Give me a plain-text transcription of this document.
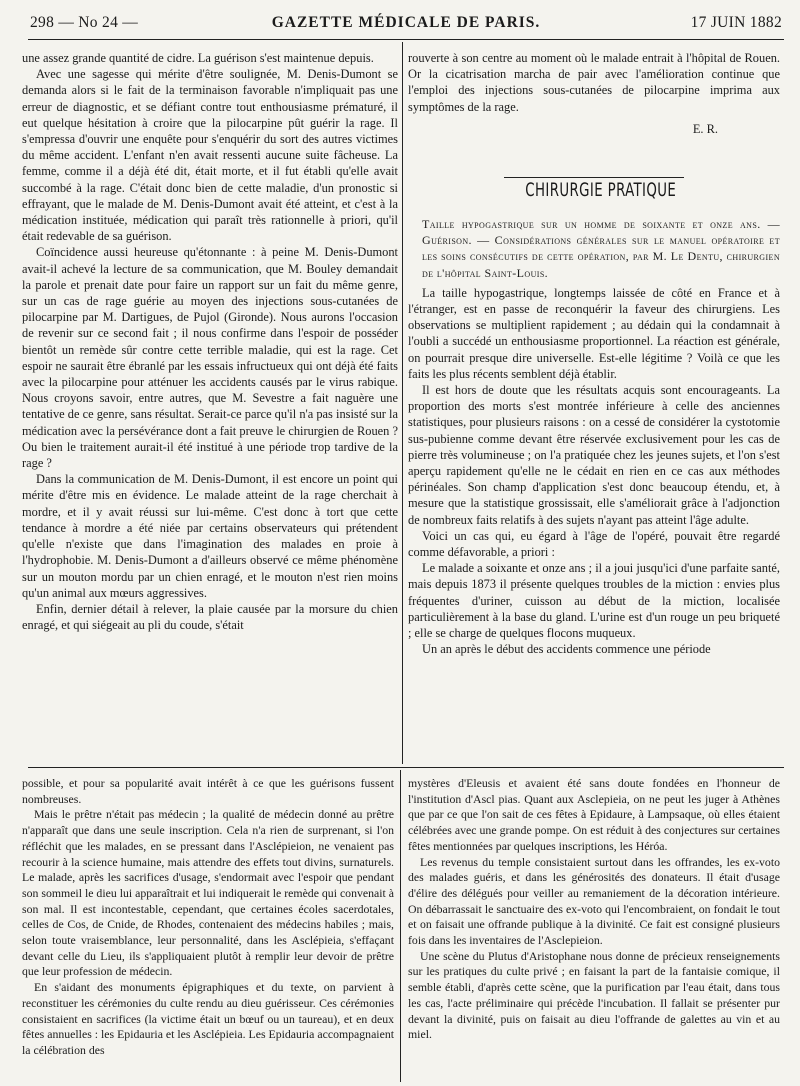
298 — No 24 —	GAZETTE MÉDICALE DE PARIS.	17 JUIN 1882

une assez grande quantité de cidre. La guérison s'est maintenue depuis.

Avec une sagesse qui mérite d'être soulignée, M. Denis-Dumont se demanda alors si le fait de la terminaison favorable n'impliquait pas une erreur de diagnostic, et se défiant contre tout enthousiasme prématuré, il eut quelque hésitation à croire que la pilocarpine pût guérir la rage. Il s'empressa d'ouvrir une enquête pour s'enquérir du sort des autres victimes du même accident. L'enfant n'en avait ressenti aucune suite fâcheuse. La femme, comme il a déjà été dit, était morte, et il fut établi qu'elle avait succombé à la rage. C'était donc bien de cette maladie, d'un pronostic si effrayant, que le malade de M. Denis-Dumont avait été atteint, et c'est à la médication instituée, médication qui paraît très rationnelle à priori, qu'il était redevable de sa guérison.

Coïncidence aussi heureuse qu'étonnante : à peine M. Denis-Dumont avait-il achevé la lecture de sa communication, que M. Bouley demandait la parole et prenait date pour faire un rapport sur un fait du même genre, sur un cas de rage guérie au moyen des injections sous-cutanées de pilocarpine par M. Dartigues, de Pujol (Gironde). Nous aurons l'occasion de revenir sur ce second fait ; il nous confirme dans l'espoir de posséder bientôt un remède sûr contre cette terrible maladie, qui est la rage. Cet espoir ne saurait être ébranlé par les essais infructueux qui ont déjà été faits avec la pilocarpine pour atténuer les accidents causés par le virus rabique. Nous croyons savoir, entre autres, que M. Sevestre a fait naguère une tentative de ce genre, sans résultat. Serait-ce parce qu'il n'a pas insisté sur la médication avec la persévérance dont a fait preuve le chirurgien de Rouen ? Ou bien le traitement aurait-il été institué à une période trop tardive de la rage ?

Dans la communication de M. Denis-Dumont, il est encore un point qui mérite d'être mis en évidence. Le malade atteint de la rage cherchait à mordre, et il y avait réussi sur lui-même. C'est donc à tort que cette tendance à mordre a été niée par certains observateurs qui prétendent qu'elle n'existe que dans l'imagination des malades en proie à l'hydrophobie. M. Denis-Dumont a d'ailleurs observé ce même phénomène sur un mouton mordu par un chien enragé, et le mouton n'est rien moins qu'un animal aux mœurs aggressives.

Enfin, dernier détail à relever, la plaie causée par la morsure du chien enragé, et qui siégeait au pli du coude, s'était

rouverte à son centre au moment où le malade entrait à l'hôpital de Rouen. Or la cicatrisation marcha de pair avec l'amélioration continue que l'emploi des injections sous-cutanées de pilocarpine imprima aux symptômes de la rage.

E. R.

CHIRURGIE PRATIQUE

Taille hypogastrique sur un homme de soixante et onze ans. — Guérison. — Considérations générales sur le manuel opératoire et les soins consécutifs de cette opération, par M. Le Dentu, chirurgien de l'hôpital Saint-Louis.

La taille hypogastrique, longtemps laissée de côté en France et à l'étranger, est en passe de reconquérir la faveur des chirurgiens. Les observations se multiplient rapidement ; au dédain qui la condamnait à l'oubli a succédé un enthousiasme proportionnel. La réaction est générale, on pourrait presque dire universelle. Est-elle légitime ? Voilà ce que les faits les plus récents semblent déjà établir.

Il est hors de doute que les résultats acquis sont encourageants. La proportion des morts s'est montrée inférieure à celle des anciennes statistiques, pour plusieurs raisons : on a cessé de considérer la cystotomie sus-pubienne comme devant être réservée exclusivement pour les cas de pierre très volumineuse ; on l'a pratiquée chez les jeunes sujets, et l'on s'est aperçu rapidement qu'elle ne le cédait en rien en ce cas aux méthodes périnéales. Son champ d'application s'est donc beaucoup étendu, et, à mesure que la statistique grossissait, elle s'améliorait grâce à l'adjonction de nombreux faits relatifs à des sujets n'ayant pas atteint l'âge adulte.

Voici un cas qui, eu égard à l'âge de l'opéré, pouvait être regardé comme défavorable, a priori :

Le malade a soixante et onze ans ; il a joui jusqu'ici d'une parfaite santé, mais depuis 1873 il présente quelques troubles de la miction : envies plus fréquentes d'uriner, cuisson au début de la miction, localisée particulièrement à la base du gland. L'urine est d'un rouge un peu briqueté ; elle se charge de quelques flocons muqueux.

Un an après le début des accidents commence une période

possible, et pour sa popularité avait intérêt à ce que les guérisons fussent nombreuses.

Mais le prêtre n'était pas médecin ; la qualité de médecin donné au prêtre n'apparaît que dans une seule inscription. Cela n'a rien de surprenant, si l'on réfléchit que les malades, en se pressant dans l'Asclépieion, ne venaient pas recourir à la science humaine, mais attendre des effets tout divins, surnaturels. Le malade, après les sacrifices d'usage, s'endormait avec l'espoir que pendant son sommeil le dieu lui apparaîtrait et lui indiquerait le remède qui convenait à son mal. Il est incontestable, cependant, que certaines écoles sacerdotales, celles de Cos, de Cnide, de Rhodes, contenaient des médecins habiles ; mais, selon toute vraisemblance, leur personnalité, dans les Asclépieia, s'effaçant devant celle du Lieu, ils s'appliquaient plutôt à remplir leur devoir de prêtre que leur profession de médecin.

En s'aidant des monuments épigraphiques et du texte, on parvient à reconstituer les cérémonies du culte rendu au dieu guérisseur. Ces cérémonies consistaient en sacrifices (la victime était un bœuf ou un taureau), et en deux fêtes annuelles : les Epidauria et les Asclépieia. Les Epidauria accompagnaient la célébration des

mystères d'Eleusis et avaient été sans doute fondées en l'honneur de l'institution d'Ascl pias. Quant aux Asclepieia, on ne peut les juger à Athènes que par ce que l'on sait de ces fêtes à Epidaure, à Lampsaque, où elles étaient célébrées avec une grande pompe. On est réduit à des conjectures sur certaines fêtes mentionnées par quelques inscriptions, les Héróa.

Les revenus du temple consistaient surtout dans les offrandes, les ex-voto des malades guéris, et dans les générosités des donateurs. Il était d'usage d'élire des délégués pour veiller au remaniement de la décoration intérieure. On débarrassait le sanctuaire des ex-voto qui l'encombraient, on fondait le tout et on faisait une offrande publique à la divinité. Ce fait est consigné plusieurs fois dans les inventaires de l'Asclepieion.

Une scène du Plutus d'Aristophane nous donne de précieux renseignements sur les pratiques du culte privé ; en faisant la part de la fantaisie comique, il semble établi, d'après cette scène, que la purification par l'eau était, dans tous les cas, l'acte préliminaire qui précède l'incubation. Il fallait se présenter pur devant la divinité, puis on faisait au dieu l'offrande de galettes au vin et au miel.
